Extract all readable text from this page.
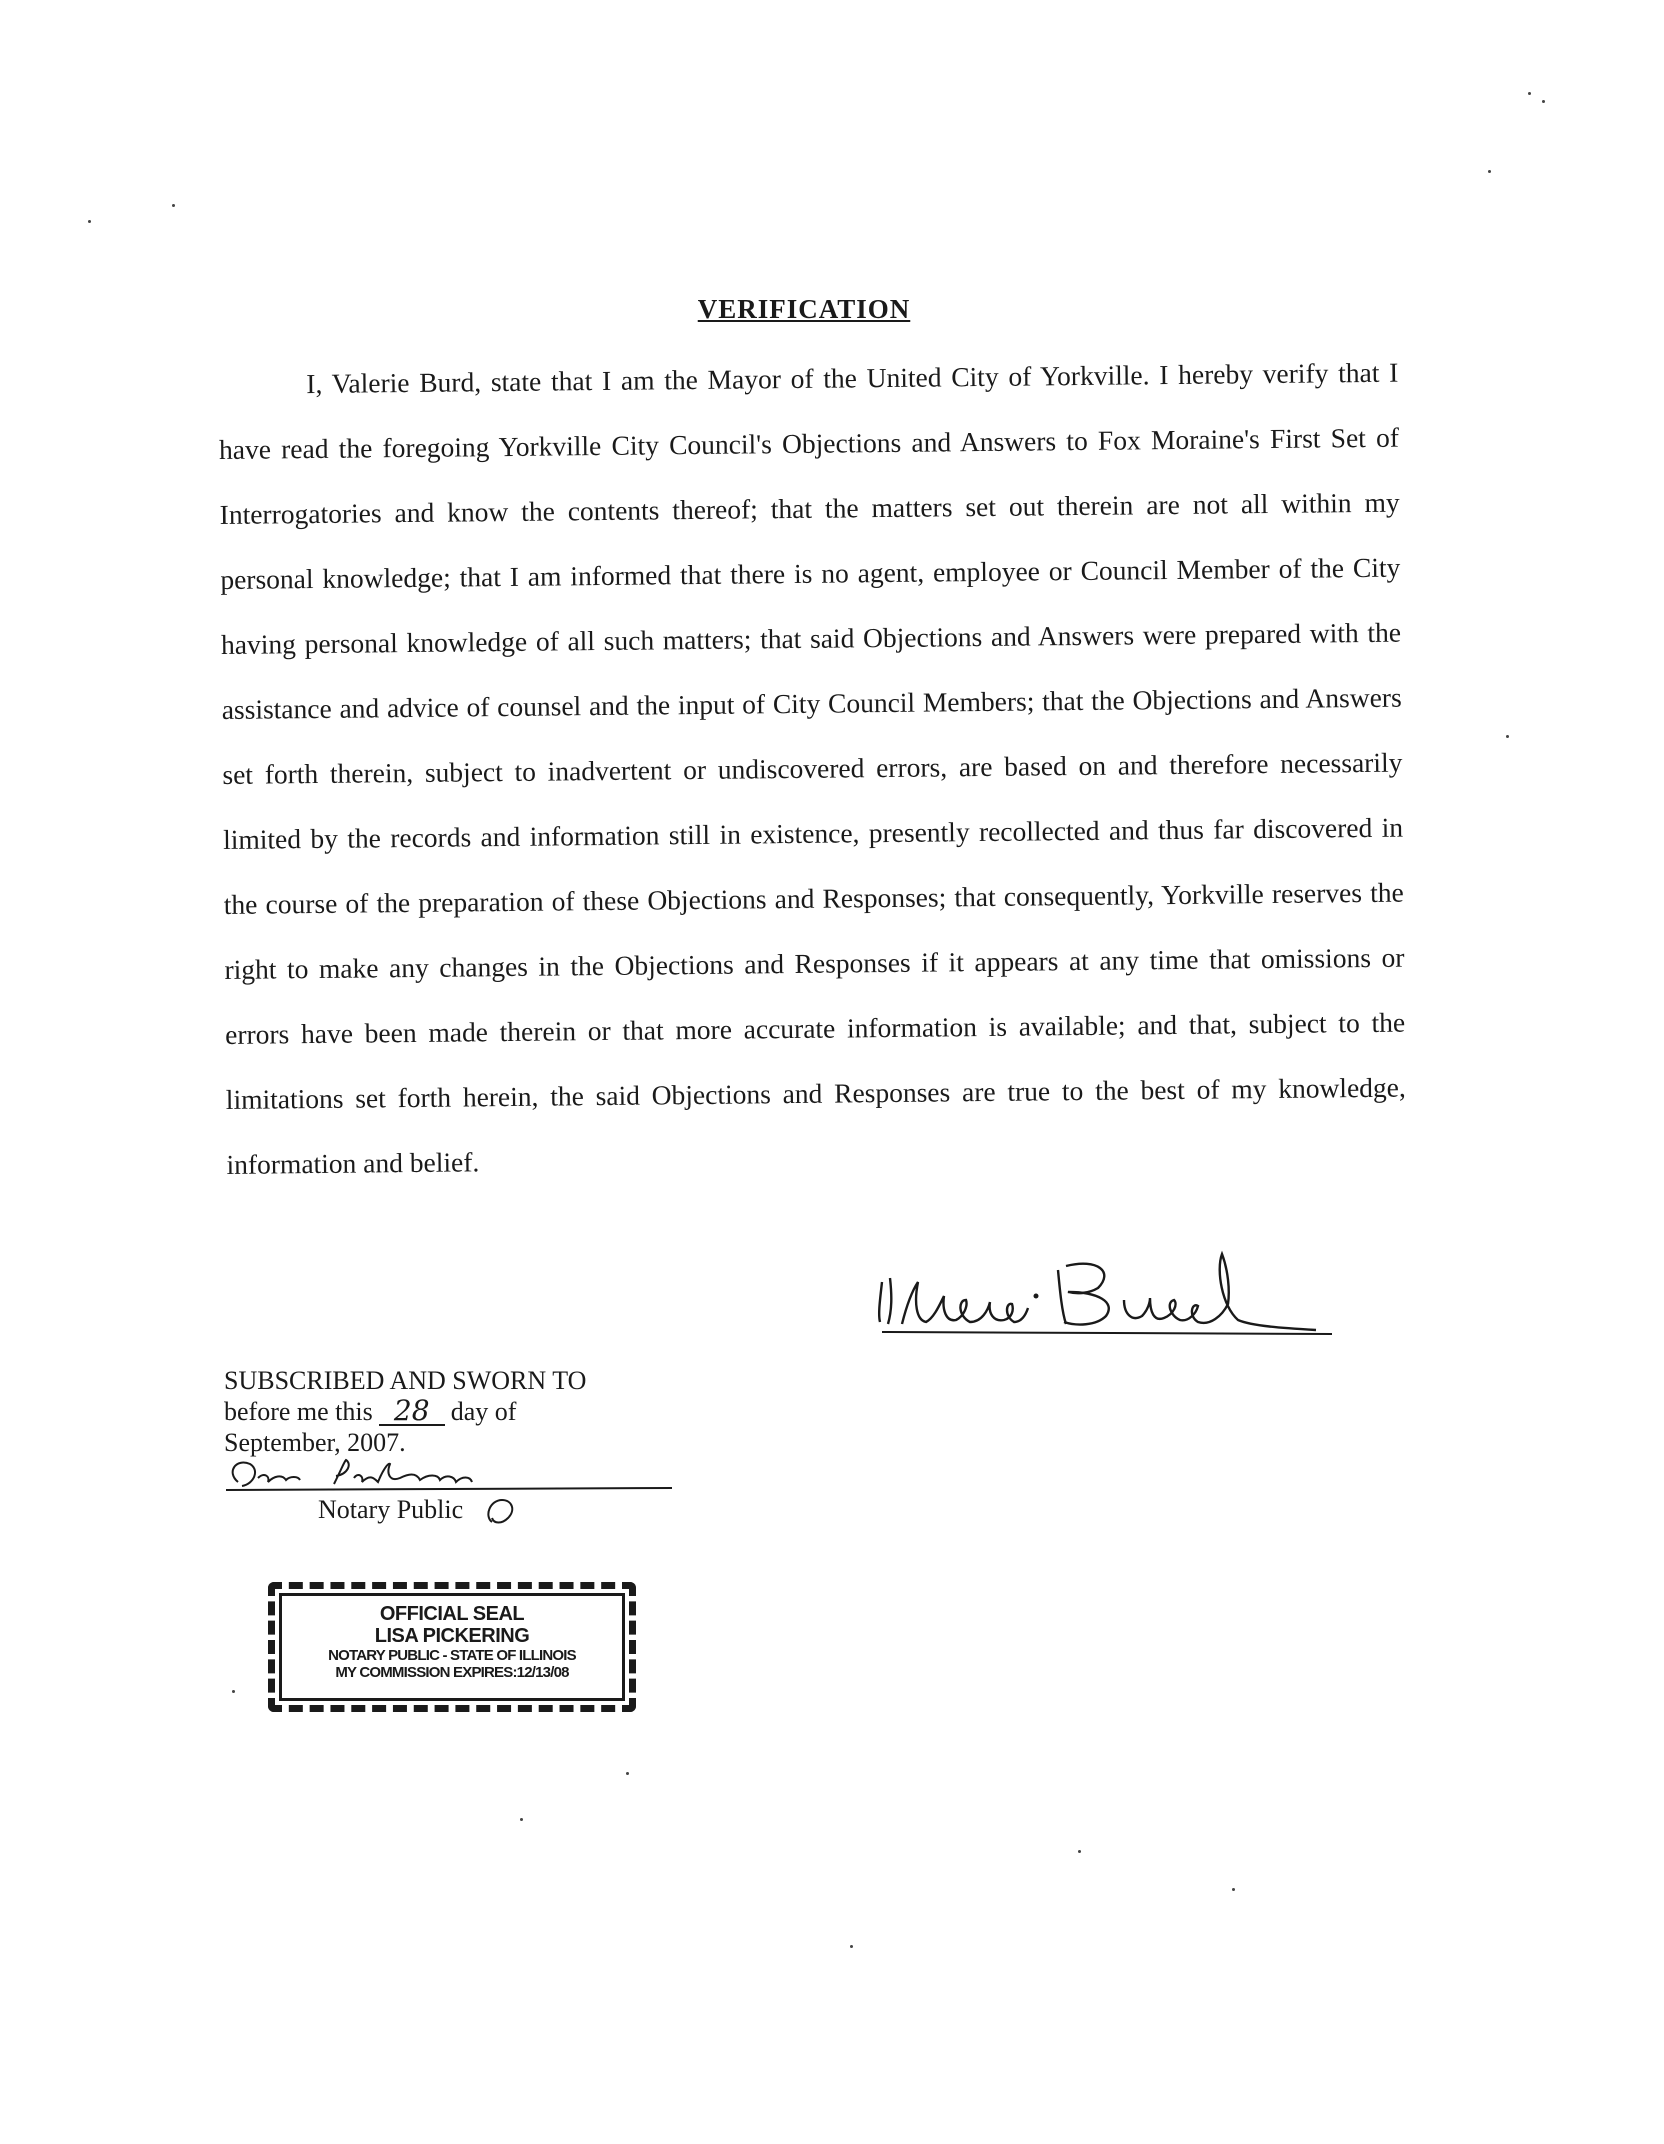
VERIFICATION
I, Valerie Burd, state that I am the Mayor of the United City of Yorkville. I hereby verify that I have read the foregoing Yorkville City Council's Objections and Answers to Fox Moraine's First Set of Interrogatories and know the contents thereof; that the matters set out therein are not all within my personal knowledge; that I am informed that there is no agent, employee or Council Member of the City having personal knowledge of all such matters; that said Objections and Answers were prepared with the assistance and advice of counsel and the input of City Council Members; that the Objections and Answers set forth therein, subject to inadvertent or undiscovered errors, are based on and therefore necessarily limited by the records and information still in existence, presently recollected and thus far discovered in the course of the preparation of these Objections and Responses; that consequently, Yorkville reserves the right to make any changes in the Objections and Responses if it appears at any time that omissions or errors have been made therein or that more accurate information is available; and that, subject to the limitations set forth herein, the said Objections and Responses are true to the best of my knowledge, information and belief.
SUBSCRIBED AND SWORN TO
before me this 28 day of
September, 2007.
Notary Public
OFFICIAL SEAL
LISA PICKERING
NOTARY PUBLIC - STATE OF ILLINOIS
MY COMMISSION EXPIRES:12/13/08
